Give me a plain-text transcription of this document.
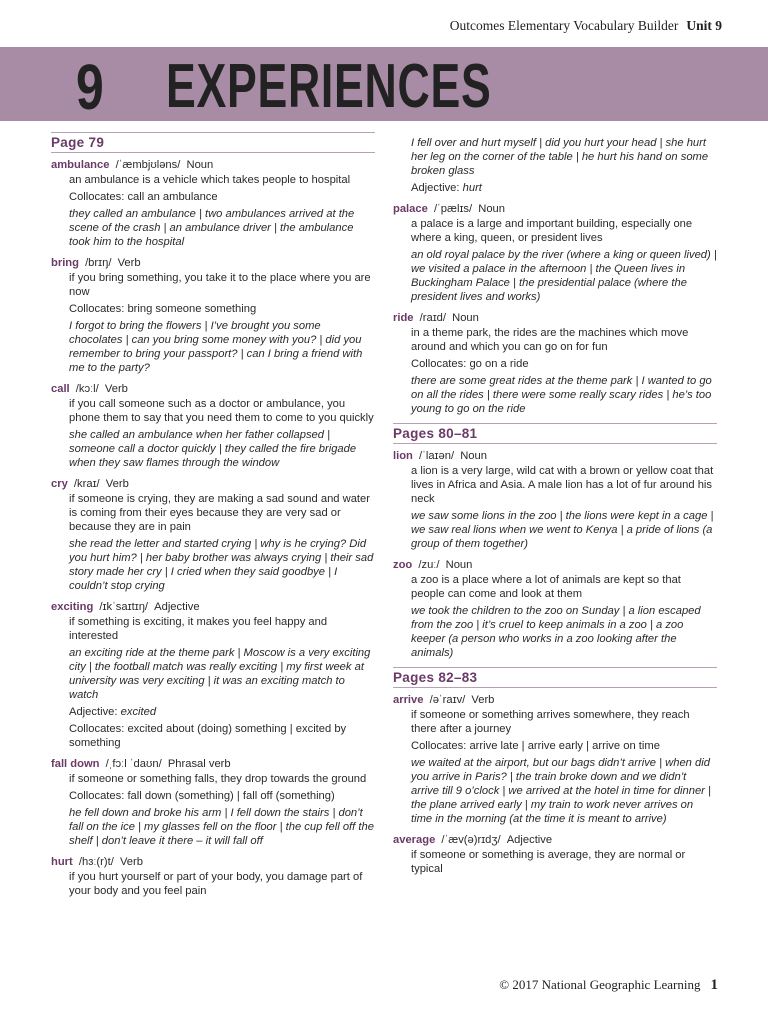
Outcomes Elementary Vocabulary Builder Unit 9
9 EXPERIENCES
Page 79
ambulance /ˈæmbjʊləns/ Noun
an ambulance is a vehicle which takes people to hospital
Collocates: call an ambulance
they called an ambulance | two ambulances arrived at the scene of the crash | an ambulance driver | the ambulance took him to the hospital
bring /brɪŋ/ Verb
if you bring something, you take it to the place where you are now
Collocates: bring someone something
I forgot to bring the flowers | I’ve brought you some chocolates | can you bring some money with you? | did you remember to bring your passport? | can I bring a friend with me to the party?
call /kɔːl/ Verb
if you call someone such as a doctor or ambulance, you phone them to say that you need them to come to you quickly
she called an ambulance when her father collapsed | someone call a doctor quickly | they called the fire brigade when they saw flames through the window
cry /kraɪ/ Verb
if someone is crying, they are making a sad sound and water is coming from their eyes because they are very sad or because they are in pain
she read the letter and started crying | why is he crying? Did you hurt him? | her baby brother was always crying | their sad story made her cry | I cried when they said goodbye | I couldn’t stop crying
exciting /ɪkˈsaɪtɪŋ/ Adjective
if something is exciting, it makes you feel happy and interested
an exciting ride at the theme park | Moscow is a very exciting city | the football match was really exciting | my first week at university was very exciting | it was an exciting match to watch
Adjective: excited
Collocates: excited about (doing) something | excited by something
fall down /ˌfɔːl ˈdaʊn/ Phrasal verb
if someone or something falls, they drop towards the ground
Collocates: fall down (something) | fall off (something)
he fell down and broke his arm | I fell down the stairs | don’t fall on the ice | my glasses fell on the floor | the cup fell off the shelf | don’t leave it there – it will fall off
hurt /hɜː(r)t/ Verb
if you hurt yourself or part of your body, you damage part of your body and you feel pain
I fell over and hurt myself | did you hurt your head | she hurt her leg on the corner of the table | he hurt his hand on some broken glass
Adjective: hurt
palace /ˈpælɪs/ Noun
a palace is a large and important building, especially one where a king, queen, or president lives
an old royal palace by the river (where a king or queen lived) | we visited a palace in the afternoon | the Queen lives in Buckingham Palace | the presidential palace (where the president lives and works)
ride /raɪd/ Noun
in a theme park, the rides are the machines which move around and which you can go on for fun
Collocates: go on a ride
there are some great rides at the theme park | I wanted to go on all the rides | there were some really scary rides | he’s too young to go on the ride
Pages 80–81
lion /ˈlaɪən/ Noun
a lion is a very large, wild cat with a brown or yellow coat that lives in Africa and Asia. A male lion has a lot of fur around his neck
we saw some lions in the zoo | the lions were kept in a cage | we saw real lions when we went to Kenya | a pride of lions (a group of them together)
zoo /zuː/ Noun
a zoo is a place where a lot of animals are kept so that people can come and look at them
we took the children to the zoo on Sunday | a lion escaped from the zoo | it’s cruel to keep animals in a zoo | a zoo keeper (a person who works in a zoo looking after the animals)
Pages 82–83
arrive /əˈraɪv/ Verb
if someone or something arrives somewhere, they reach there after a journey
Collocates: arrive late | arrive early | arrive on time
we waited at the airport, but our bags didn’t arrive | when did you arrive in Paris? | the train broke down and we didn’t arrive till 9 o’clock | we arrived at the hotel in time for dinner | the plane arrived early | my train to work never arrives on time in the morning (at the time it is meant to arrive)
average /ˈæv(ə)rɪdʒ/ Adjective
if someone or something is average, they are normal or typical
© 2017 National Geographic Learning 1
